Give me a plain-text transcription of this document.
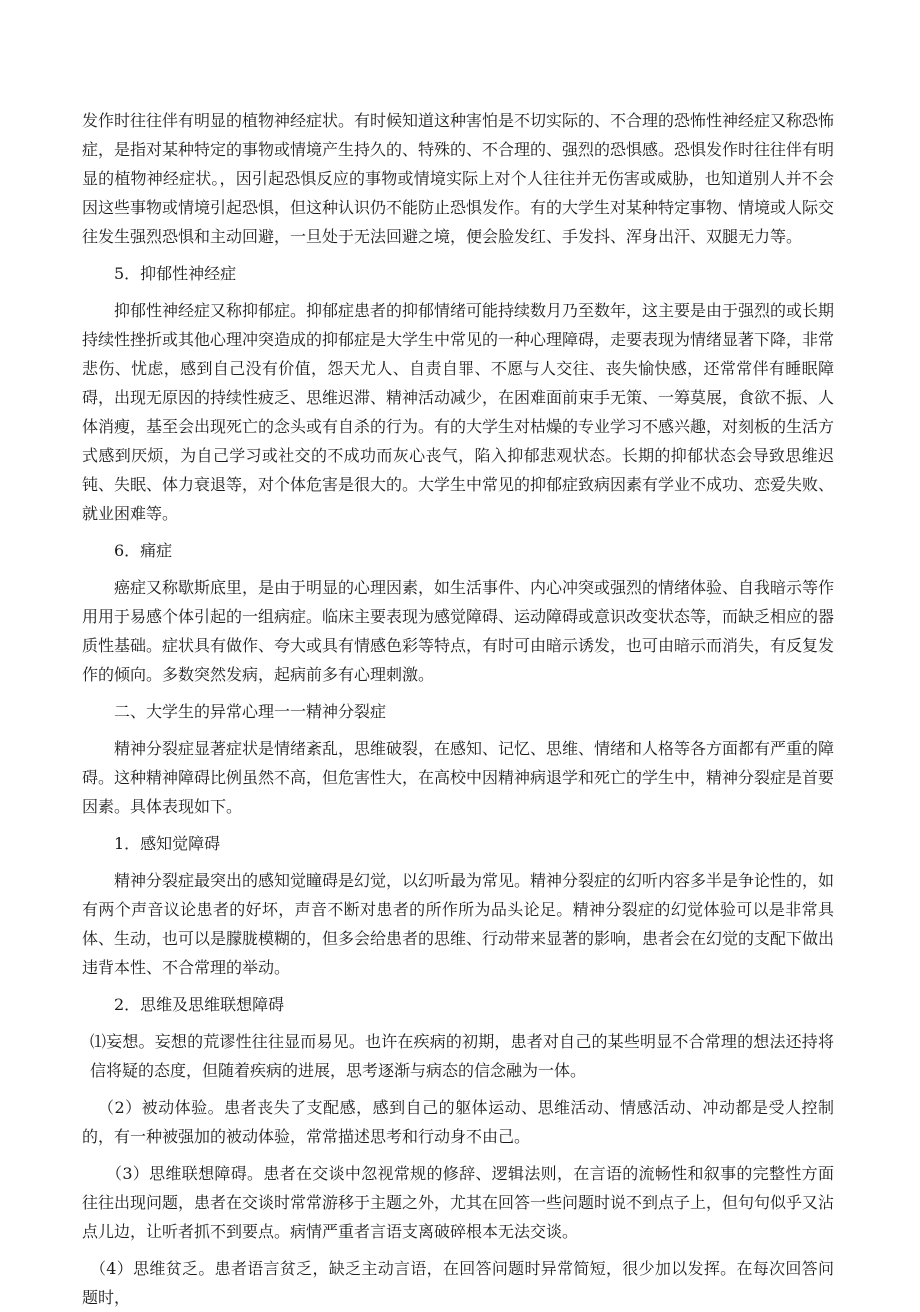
发作时往往伴有明显的植物神经症状。有时候知道这种害怕是不切实际的、不合理的恐怖性神经症又称恐怖症，是指对某种特定的事物或情境产生持久的、特殊的、不合理的、强烈的恐惧感。恐惧发作时往往伴有明显的植物神经症状。，因引起恐惧反应的事物或情境实际上对个人往往并无伤害或威胁，也知道别人并不会因这些事物或情境引起恐惧，但这种认识仍不能防止恐惧发作。有的大学生对某种特定事物、情境或人际交往发生强烈恐惧和主动回避，一旦处于无法回避之境，便会脸发红、手发抖、浑身出汗、双腿无力等。

5．抑郁性神经症

抑郁性神经症又称抑郁症。抑郁症患者的抑郁情绪可能持续数月乃至数年，这主要是由于强烈的或长期持续性挫折或其他心理冲突造成的抑郁症是大学生中常见的一种心理障碍，走要表现为情绪显著下降，非常悲伤、忧虑，感到自己没有价值，怨天尤人、自责自罪、不愿与人交往、丧失愉快感，还常常伴有睡眠障碍，出现无原因的持续性疲乏、思维迟滞、精神活动减少，在困难面前束手无策、一筹莫展，食欲不振、人体消瘦，基至会出现死亡的念头或有自杀的行为。有的大学生对枯燥的专业学习不感兴趣，对刻板的生活方式感到厌烦，为自己学习或社交的不成功而灰心丧气，陷入抑郁悲观状态。长期的抑郁状态会导致思维迟钝、失眠、体力衰退等，对个体危害是很大的。大学生中常见的抑郁症致病因素有学业不成功、恋爱失败、就业困难等。

6．痛症

癌症又称歇斯底里，是由于明显的心理因素，如生活事件、内心冲突或强烈的情绪体验、自我暗示等作用用于易感个体引起的一组病症。临床主要表现为感觉障碍、运动障碍或意识改变状态等，而缺乏相应的器质性基础。症状具有做作、夸大或具有情感色彩等特点，有时可由暗示诱发，也可由暗示而消失，有反复发作的倾向。多数突然发病，起病前多有心理刺激。

二、大学生的异常心理一一精神分裂症

精神分裂症显著症状是情绪紊乱，思维破裂，在感知、记忆、思维、情绪和人格等各方面都有严重的障碍。这种精神障碍比例虽然不高，但危害性大，在高校中因精神病退学和死亡的学生中，精神分裂症是首要因素。具体表现如下。

1．感知觉障碍

精神分裂症最突出的感知觉瞳碍是幻觉，以幻听最为常见。精神分裂症的幻听内容多半是争论性的，如有两个声音议论患者的好坏，声音不断对患者的所作所为品头论足。精神分裂症的幻觉体验可以是非常具体、生动，也可以是朦胧模糊的，但多会给患者的思维、行动带来显著的影响，患者会在幻觉的支配下做出违背本性、不合常理的举动。

2．思维及思维联想障碍

⑴妄想。妄想的荒谬性往往显而易见。也许在疾病的初期，患者对自己的某些明显不合常理的想法还持将信将疑的态度，但随着疾病的进展，思考逐渐与病态的信念融为一体。

（2）被动体验。患者丧失了支配感，感到自己的躯体运动、思维活动、情感活动、冲动都是受人控制的，有一种被强加的被动体验，常常描述思考和行动身不由己。

（3）思维联想障碍。患者在交谈中忽视常规的修辞、逻辑法则，在言语的流畅性和叙事的完整性方面往往出现问题，患者在交谈时常常游移于主题之外，尤其在回答一些问题时说不到点子上，但句句似乎又沾点儿边，让听者抓不到要点。病情严重者言语支离破碎根本无法交谈。

（4）思维贫乏。患者语言贫乏，缺乏主动言语，在回答问题时异常简短，很少加以发挥。在每次回答问题时，
